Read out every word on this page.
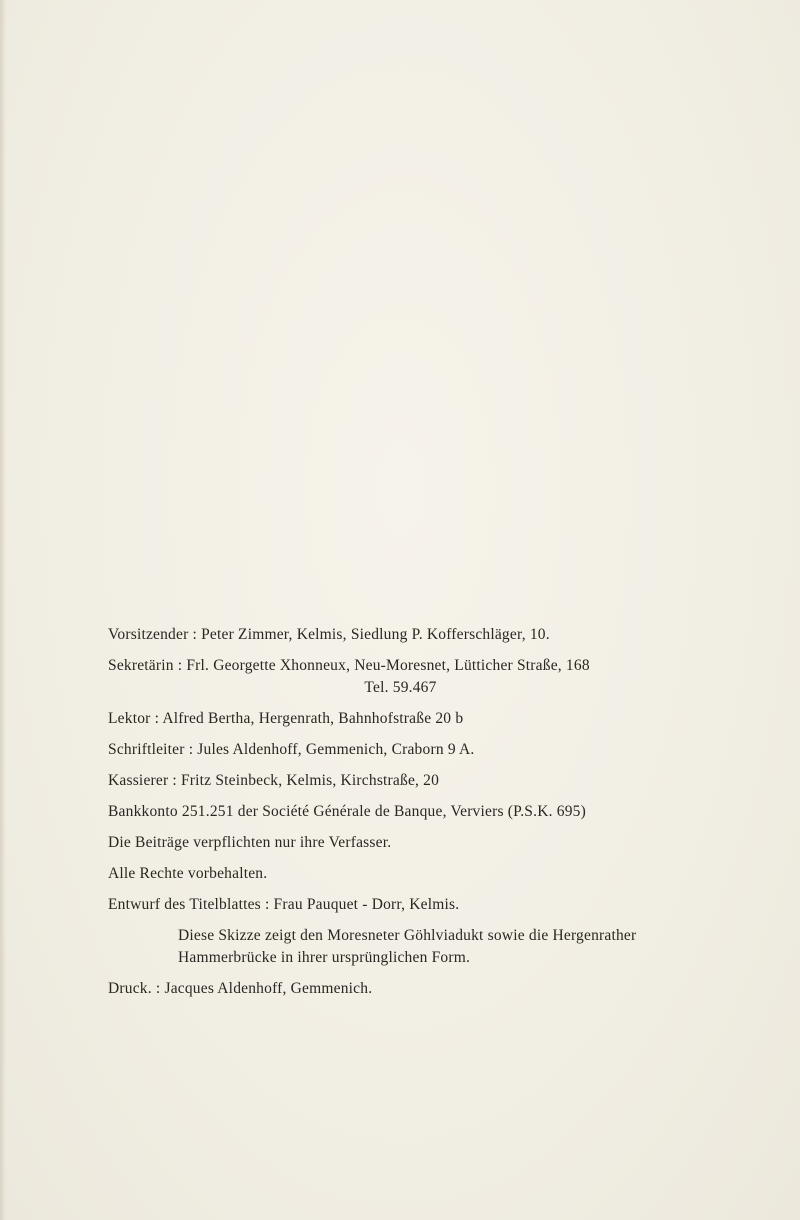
Vorsitzender : Peter Zimmer, Kelmis, Siedlung P. Kofferschläger, 10.

Sekretärin : Frl. Georgette Xhonneux, Neu-Moresnet, Lütticher Straße, 168

Tel. 59.467

Lektor : Alfred Bertha, Hergenrath, Bahnhofstraße 20 b

Schriftleiter : Jules Aldenhoff, Gemmenich, Craborn 9 A.

Kassierer : Fritz Steinbeck, Kelmis, Kirchstraße, 20

Bankkonto 251.251 der Société Générale de Banque, Verviers (P.S.K. 695)

Die Beiträge verpflichten nur ihre Verfasser.

Alle Rechte vorbehalten.

Entwurf des Titelblattes : Frau Pauquet - Dorr, Kelmis.

Diese Skizze zeigt den Moresneter Göhlviadukt sowie die Hergenrather

Hammerbrücke in ihrer ursprünglichen Form.

Druck. : Jacques Aldenhoff, Gemmenich.
